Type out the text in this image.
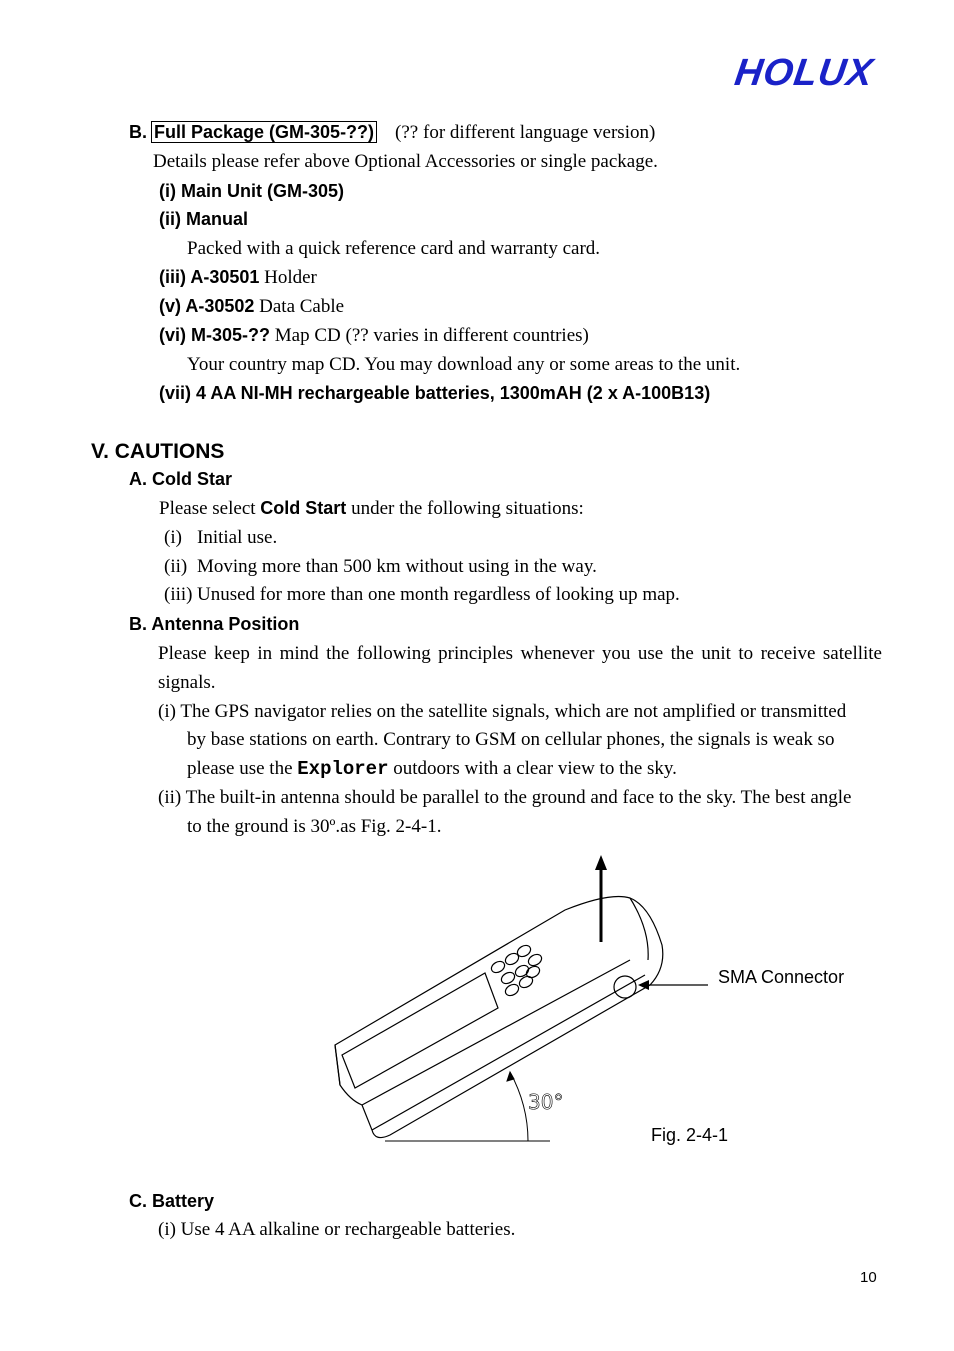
HOLUX
B. Full Package (GM-305-??) (?? for different language version)
Details please refer above Optional Accessories or single package.
(i) Main Unit (GM-305)
(ii) Manual
Packed with a quick reference card and warranty card.
(iii) A-30501 Holder
(v) A-30502 Data Cable
(vi) M-305-?? Map CD (?? varies in different countries)
Your country map CD. You may download any or some areas to the unit.
(vii) 4 AA NI-MH rechargeable batteries, 1300mAH (2 x A-100B13)
V. CAUTIONS
A. Cold Star
Please select Cold Start under the following situations:
(i) Initial use.
(ii) Moving more than 500 km without using in the way.
(iii) Unused for more than one month regardless of looking up map.
B. Antenna Position
Please keep in mind the following principles whenever you use the unit to receive satellite
signals.
(i) The GPS navigator relies on the satellite signals, which are not amplified or transmitted
by base stations on earth. Contrary to GSM on cellular phones, the signals is weak so
please use the Explorer outdoors with a clear view to the sky.
(ii) The built-in antenna should be parallel to the ground and face to the sky. The best angle
to the ground is 30º.as Fig. 2-4-1.
30°
SMA Connector
Fig. 2-4-1
C. Battery
(i) Use 4 AA alkaline or rechargeable batteries.
10
